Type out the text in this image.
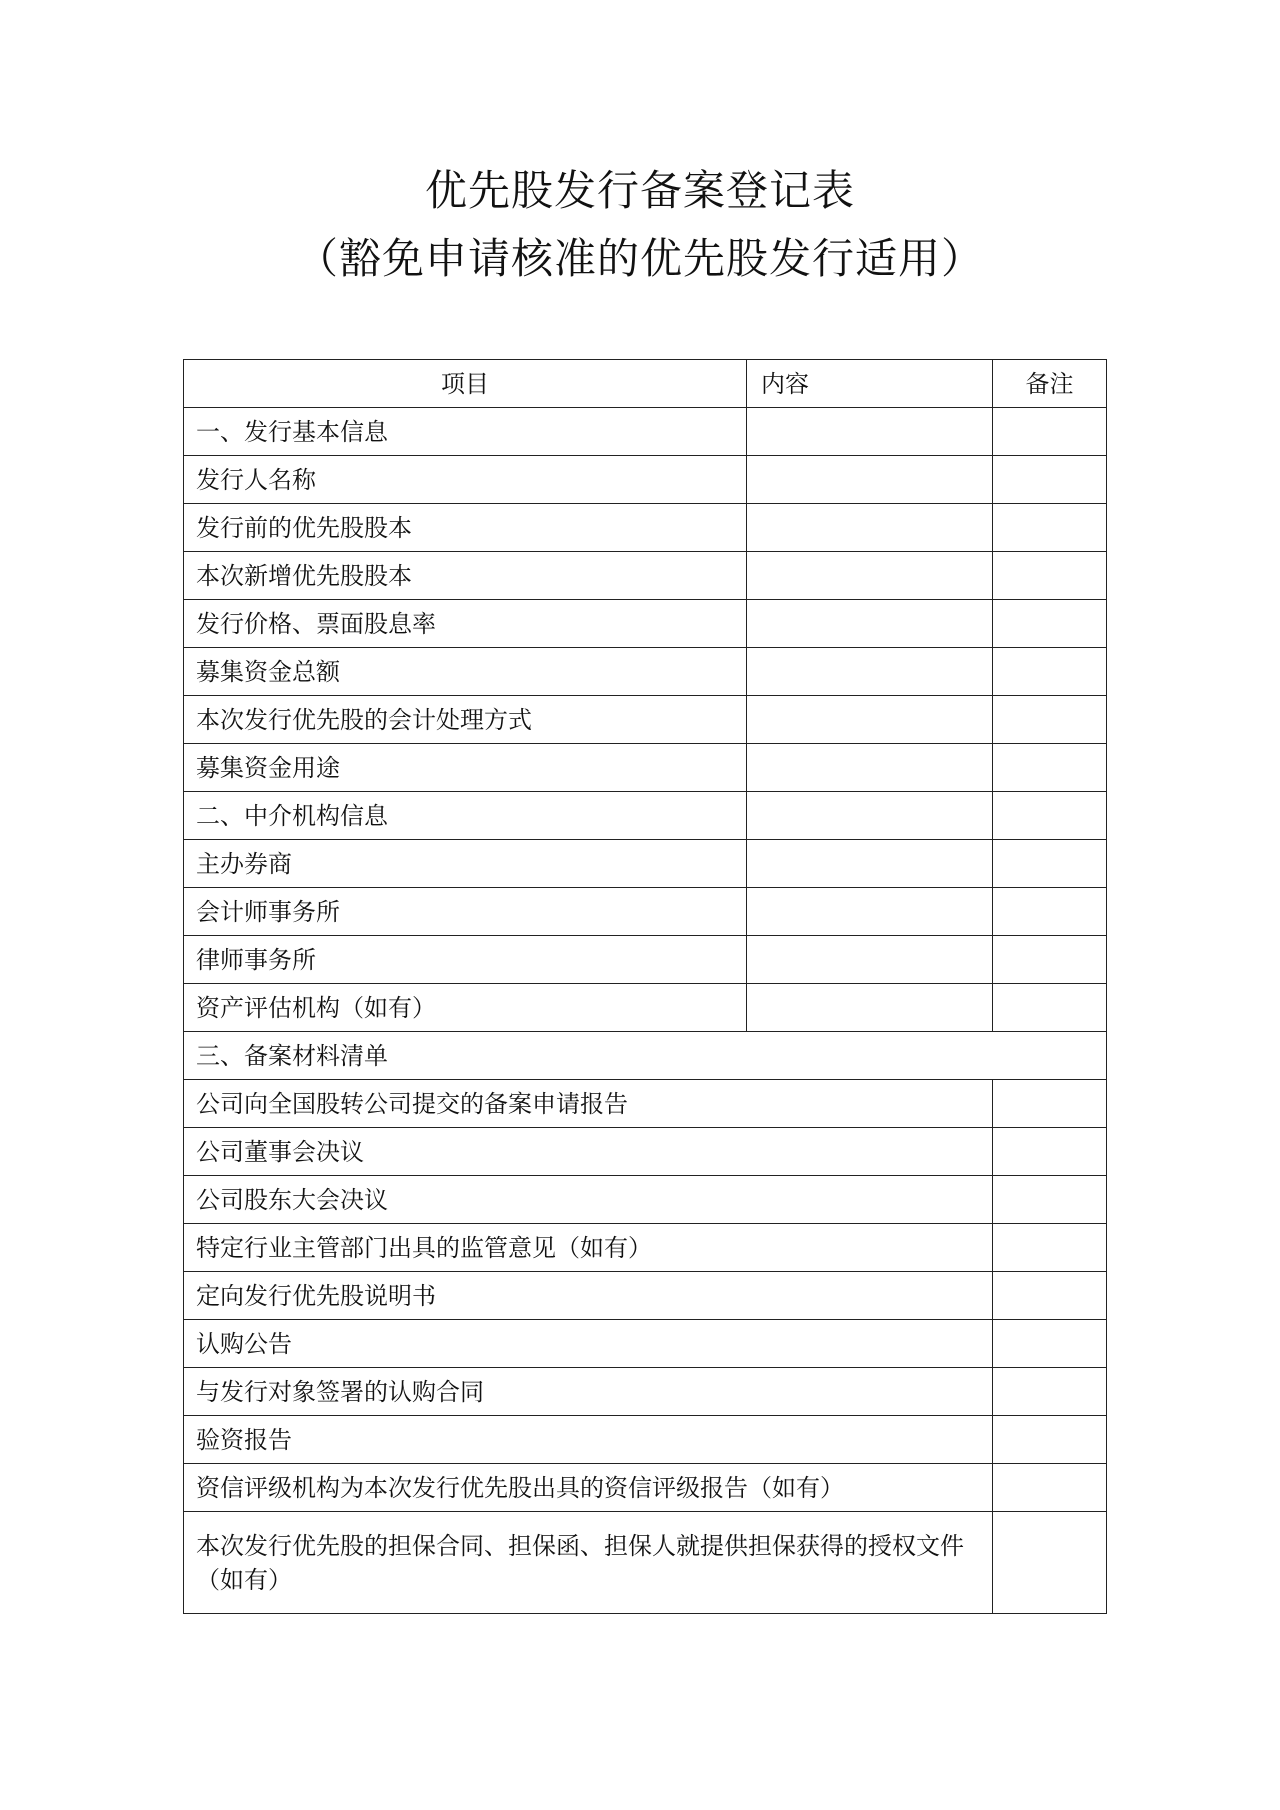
优先股发行备案登记表
（豁免申请核准的优先股发行适用）
项目	内容	备注
一、发行基本信息		
发行人名称		
发行前的优先股股本		
本次新增优先股股本		
发行价格、票面股息率		
募集资金总额		
本次发行优先股的会计处理方式		
募集资金用途		
二、中介机构信息		
主办券商		
会计师事务所		
律师事务所		
资产评估机构（如有）		
三、备案材料清单		
公司向全国股转公司提交的备案申请报告		
公司董事会决议		
公司股东大会决议		
特定行业主管部门出具的监管意见（如有）		
定向发行优先股说明书		
认购公告		
与发行对象签署的认购合同		
验资报告		
资信评级机构为本次发行优先股出具的资信评级报告（如有）		
本次发行优先股的担保合同、担保函、担保人就提供担保获得的授权文件（如有）		
